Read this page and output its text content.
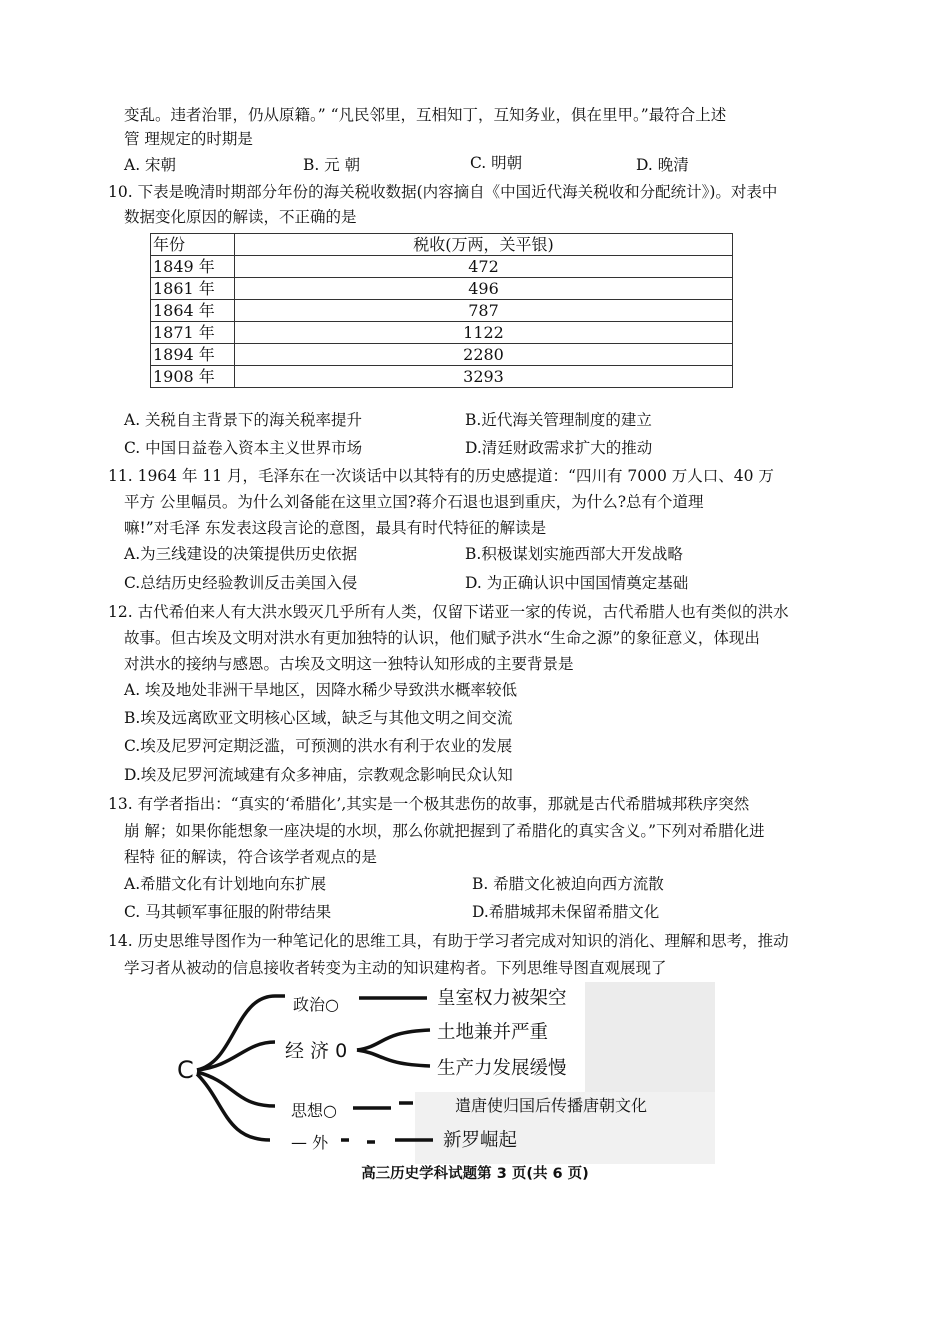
变乱。违者治罪，仍从原籍。” “凡民邻里，互相知丁，互知务业，俱在里甲。”最符合上述
管 理规定的时期是
A. 宋朝	B. 元 朝	C. 明朝	D. 晚清
10. 下表是晚清时期部分年份的海关税收数据(内容摘自《中国近代海关税收和分配统计》)。对表中
数据变化原因的解读，不正确的是
年份	税收(万两，关平银)
1849 年	472
1861 年	496
1864 年	787
1871 年	1122
1894 年	2280
1908 年	3293
A. 关税自主背景下的海关税率提升	B.近代海关管理制度的建立
C. 中国日益卷入资本主义世界市场	D.清廷财政需求扩大的推动
11. 1964 年 11 月，毛泽东在一次谈话中以其特有的历史感提道：“四川有 7000 万人口、40 万
平方 公里幅员。为什么刘备能在这里立国?蒋介石退也退到重庆，为什么?总有个道理
嘛!”对毛泽 东发表这段言论的意图，最具有时代特征的解读是
A.为三线建设的决策提供历史依据	B.积极谋划实施西部大开发战略
C.总结历史经验教训反击美国入侵	D. 为正确认识中国国情奠定基础
12. 古代希伯来人有大洪水毁灭几乎所有人类，仅留下诺亚一家的传说，古代希腊人也有类似的洪水
故事。但古埃及文明对洪水有更加独特的认识，他们赋予洪水“生命之源”的象征意义，体现出
对洪水的接纳与感恩。古埃及文明这一独特认知形成的主要背景是
A. 埃及地处非洲干旱地区，因降水稀少导致洪水概率较低
B.埃及远离欧亚文明核心区域，缺乏与其他文明之间交流
C.埃及尼罗河定期泛滥，可预测的洪水有利于农业的发展
D.埃及尼罗河流域建有众多神庙，宗教观念影响民众认知
13. 有学者指出：“真实的‘希腊化’,其实是一个极其悲伤的故事，那就是古代希腊城邦秩序突然
崩 解；如果你能想象一座决堤的水坝，那么你就把握到了希腊化的真实含义。”下列对希腊化进
程特 征的解读，符合该学者观点的是
A.希腊文化有计划地向东扩展	B. 希腊文化被迫向西方流散
C. 马其顿军事征服的附带结果	D.希腊城邦未保留希腊文化
14. 历史思维导图作为一种笔记化的思维工具，有助于学习者完成对知识的消化、理解和思考，推动
学习者从被动的信息接收者转变为主动的知识建构者。下列思维导图直观展现了
C
政治○
经 济 0
思想○
— 外
皇室权力被架空
土地兼并严重
生产力发展缓慢
遣唐使归国后传播唐朝文化
新罗崛起
高三历史学科试题第 3 页(共 6 页)
